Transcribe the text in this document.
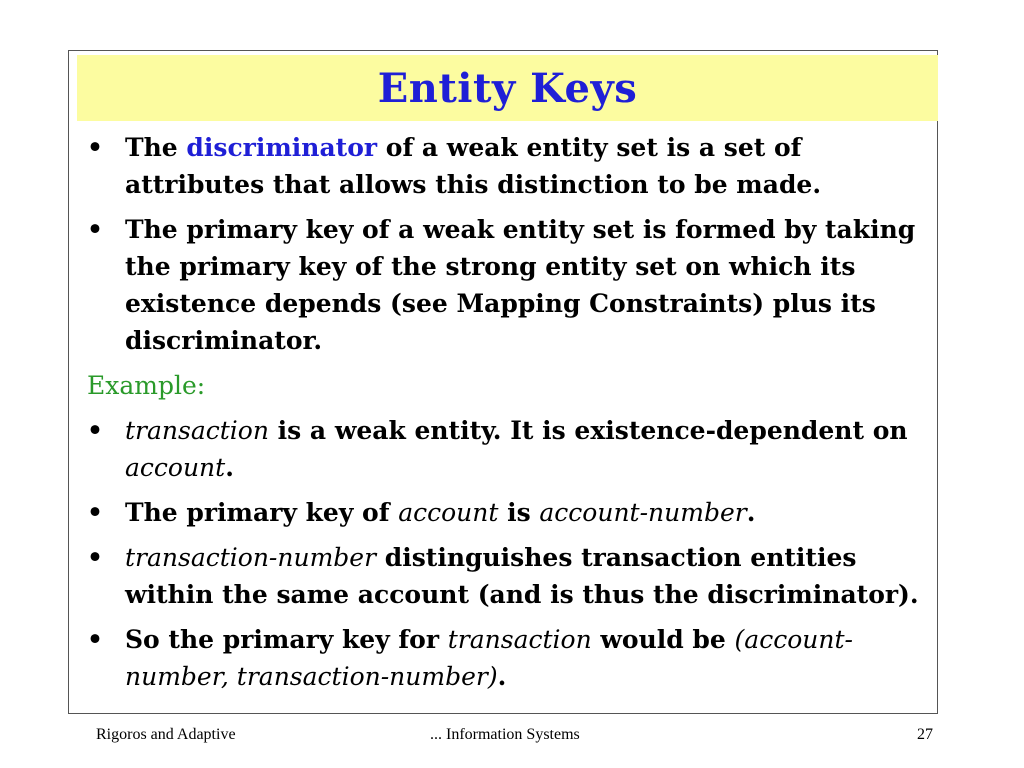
Entity Keys
• The discriminator of a weak entity set is a set of attributes that allows this distinction to be made.
• The primary key of a weak entity set is formed by taking the primary key of the strong entity set on which its existence depends (see Mapping Constraints) plus its discriminator.
Example:
• transaction is a weak entity. It is existence-dependent on account.
• The primary key of account is account-number.
• transaction-number distinguishes transaction entities within the same account (and is thus the discriminator).
• So the primary key for transaction would be (account-number, transaction-number).
Rigoros and Adaptive	... Information Systems	27
